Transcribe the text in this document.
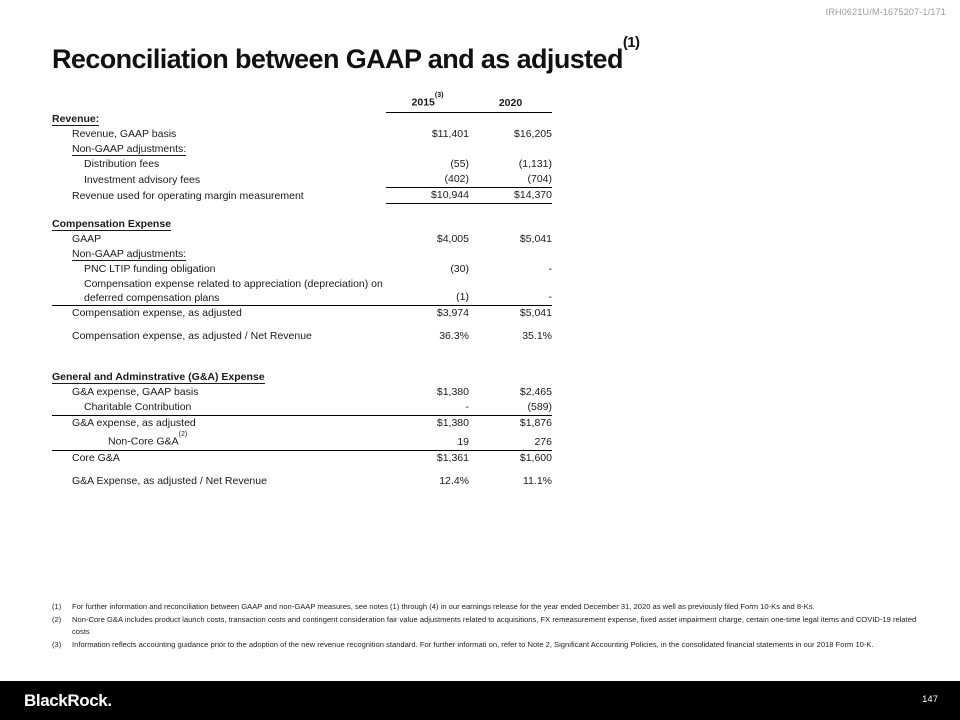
IRH0621U/M-1675207-1/171
Reconciliation between GAAP and as adjusted$^{(1)}$
	2015$^{(3)}$	2020
Revenue:		
Revenue, GAAP basis	$11,401	$16,205
Non-GAAP adjustments:		
Distribution fees	(55)	(1,131)
Investment advisory fees	(402)	(704)
Revenue used for operating margin measurement	$10,944	$14,370

Compensation Expense		
GAAP	$4,005	$5,041
Non-GAAP adjustments:		
PNC LTIP funding obligation	(30)	-
Compensation expense related to appreciation (depreciation) on deferred compensation plans	(1)	-
Compensation expense, as adjusted	$3,974	$5,041

Compensation expense, as adjusted / Net Revenue	36.3%	35.1%

General and Adminstrative (G&A) Expense		
G&A expense, GAAP basis	$1,380	$2,465
Charitable Contribution	-	(589)
G&A expense, as adjusted	$1,380	$1,876
Non-Core G&A$^{(2)}$	19	276
Core G&A	$1,361	$1,600

G&A Expense, as adjusted / Net Revenue	12.4%	11.1%
(1)	For further information and reconciliation between GAAP and non-GAAP measures, see notes (1) through (4) in our earnings release for the year ended December 31, 2020 as well as previously filed Form 10-Ks and 8-Ks.
(2)	Non-Core G&A includes product launch costs, transaction costs and contingent consideration fair value adjustments related to acquisitions, FX remeasurement expense, fixed asset impairment charge, certain one-time legal items and COVID-19 related costs
(3)	Information reflects accounting guidance prior to the adoption of the new revenue recognition standard. For further informati on, refer to Note 2, Significant Accounting Policies, in the consolidated financial statements in our 2018 Form 10-K.
BlackRock.	147
